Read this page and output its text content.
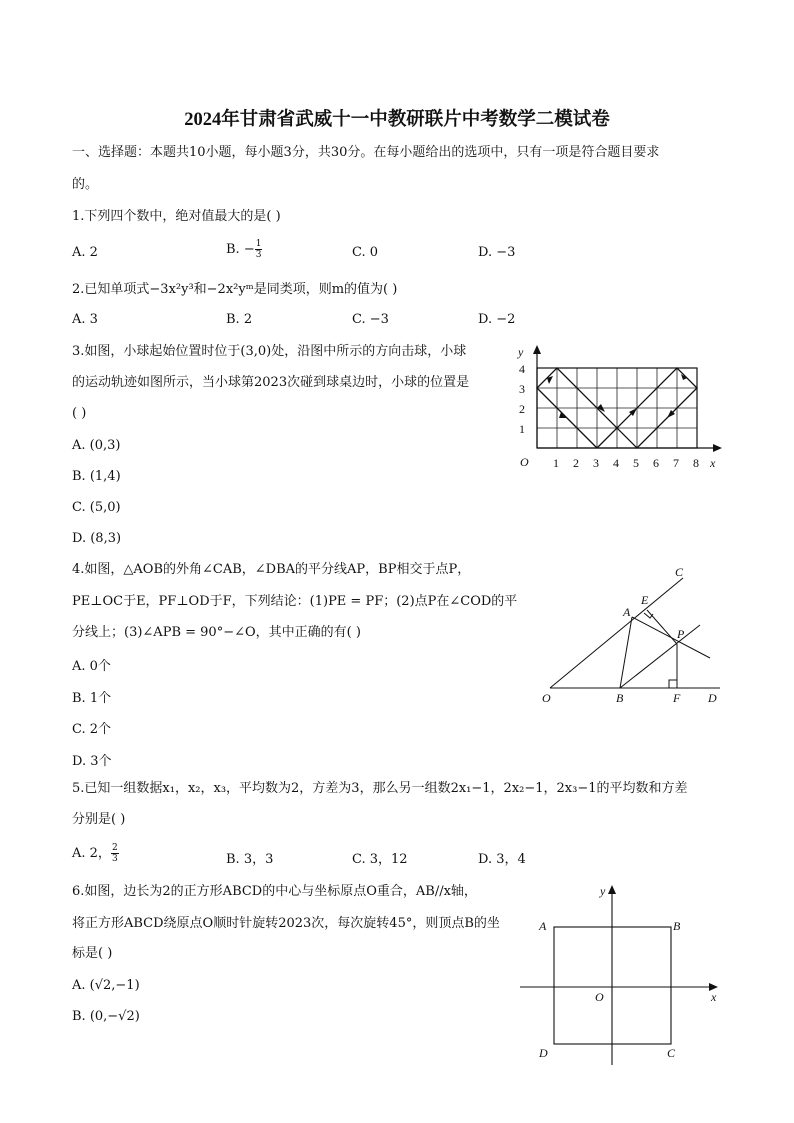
2024年甘肃省武威十一中教研联片中考数学二模试卷
一、选择题：本题共10小题，每小题3分，共30分。在每小题给出的选项中，只有一项是符合题目要求
的。
1.下列四个数中，绝对值最大的是( )
A. 2	B. − $\frac{1}{3}$	C. 0	D. −3
2.已知单项式−3x²y³和−2x²yᵐ是同类项，则m的值为( )
A. 3	B. 2	C. −3	D. −2
3.如图，小球起始位置时位于(3,0)处，沿图中所示的方向击球，小球
的运动轨迹如图所示，当小球第2023次碰到球桌边时，小球的位置是
( )
A. (0,3)
B. (1,4)
C. (5,0)
D. (8,3)
O
y
x
1 2 3 4 5 6 7 8
1
2
3
4
4.如图，△AOB的外角∠CAB，∠DBA的平分线AP，BP相交于点P，
PE⊥OC于E，PF⊥OD于F，下列结论：(1)PE = PF；(2)点P在∠COD的平
分线上；(3)∠APB = 90°−∠O，其中正确的有( )
A. 0个
B. 1个
C. 2个
D. 3个
C
E
A
P
O	B	F D
5.已知一组数据x₁，x₂，x₃，平均数为2，方差为3，那么另一组数2x₁−1，2x₂−1，2x₃−1的平均数和方差
分别是( )
A. 2， $\frac{2}{3}$	B. 3，3	C. 3，12	D. 3，4
6.如图，边长为2的正方形ABCD的中心与坐标原点O重合，AB//x轴，
将正方形ABCD绕原点O顺时针旋转2023次，每次旋转45°，则顶点B的坐
标是( )
A. (√2,−1)
B. (0,−√2)
y
x
O
A	B
C
D
